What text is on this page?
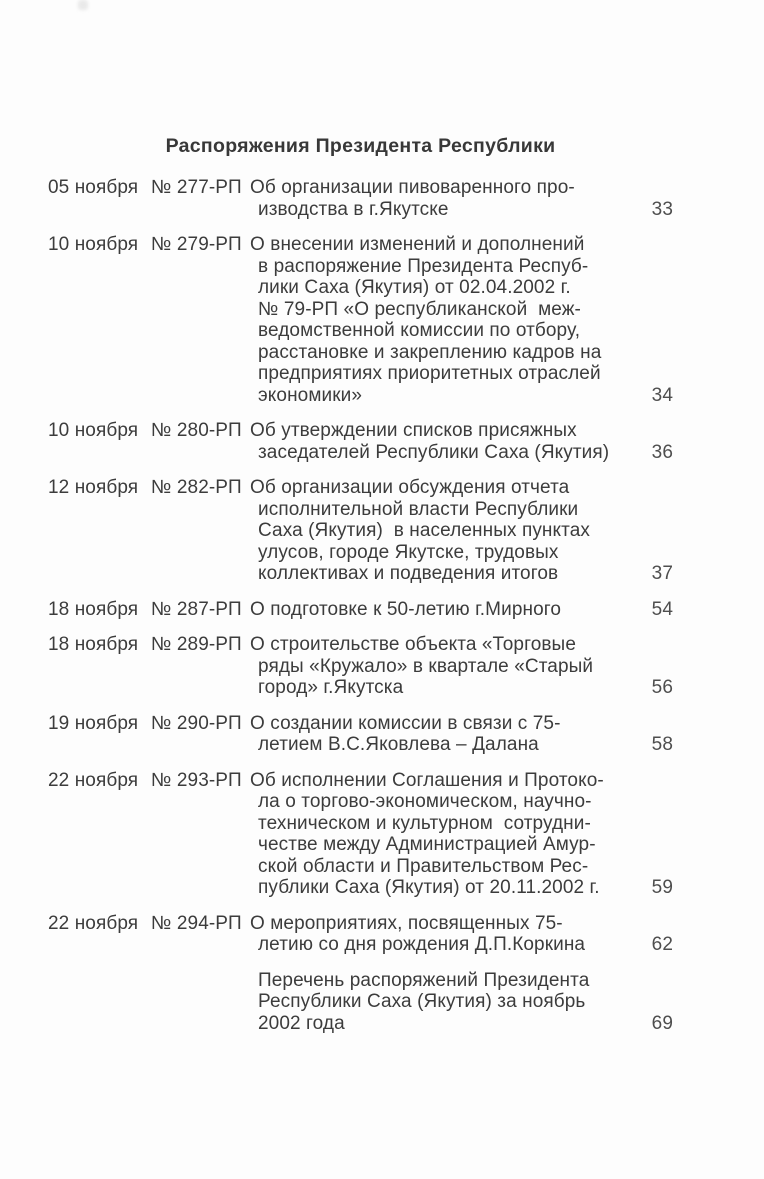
Распоряжения Президента Республики
05 ноября № 277-РП Об организации пивоваренного про-
изводства в г.Якутске	33
10 ноября № 279-РП О внесении изменений и дополнений
в распоряжение Президента Респуб-
лики Саха (Якутия) от 02.04.2002 г.
№ 79-РП «О республиканской  меж-
ведомственной комиссии по отбору,
расстановке и закреплению кадров на
предприятиях приоритетных отраслей
экономики»	34
10 ноября № 280-РП Об утверждении списков присяжных
заседателей Республики Саха (Якутия)	36
12 ноября № 282-РП Об организации обсуждения отчета
исполнительной власти Республики
Саха (Якутия)  в населенных пунктах
улусов, городе Якутске, трудовых
коллективах и подведения итогов	37
18 ноября № 287-РП О подготовке к 50-летию г.Мирного	54
18 ноября № 289-РП О строительстве объекта «Торговые
ряды «Кружало» в квартале «Старый
город» г.Якутска	56
19 ноября № 290-РП О создании комиссии в связи с 75-
летием В.С.Яковлева – Далана	58
22 ноября № 293-РП Об исполнении Соглашения и Протоко-
ла о торгово-экономическом, научно-
техническом и культурном  сотрудни-
честве между Администрацией Амур-
ской области и Правительством Рес-
публики Саха (Якутия) от 20.11.2002 г.	59
22 ноября № 294-РП О мероприятиях, посвященных 75-
летию со дня рождения Д.П.Коркина	62
Перечень распоряжений Президента
Республики Саха (Якутия) за ноябрь
2002 года	69
